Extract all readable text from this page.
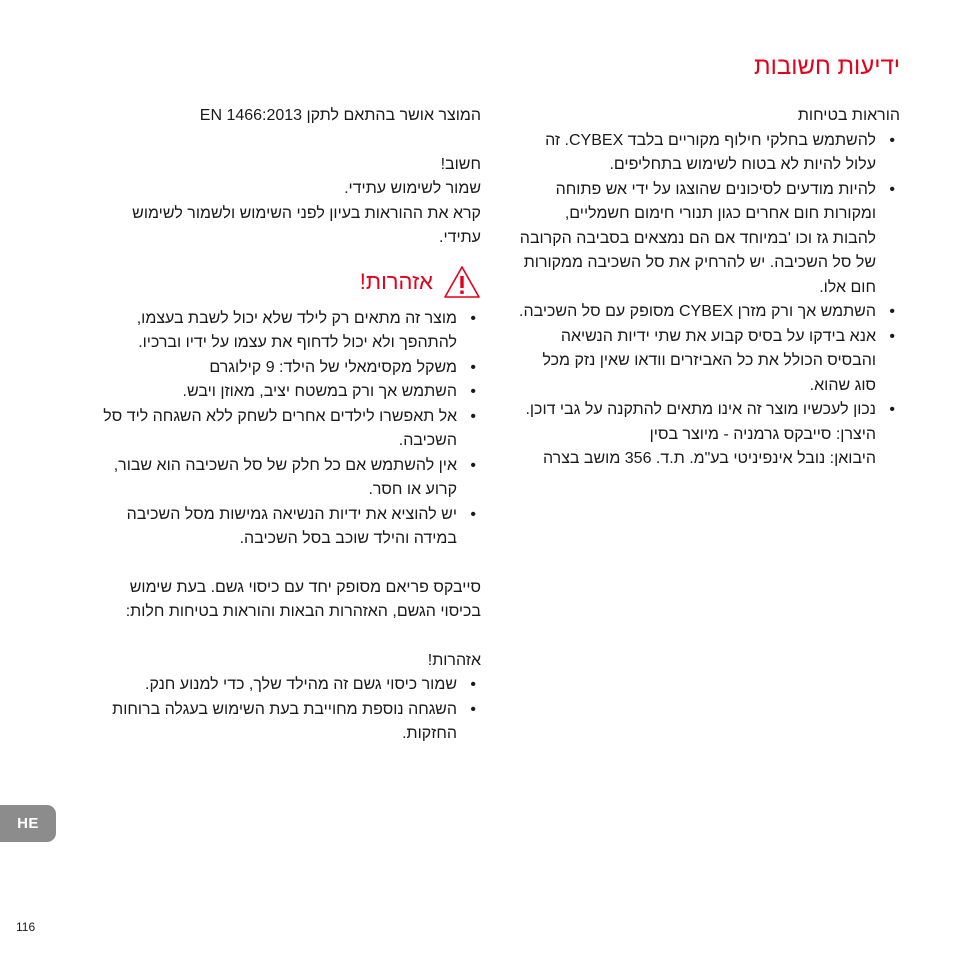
ידיעות חשובות

הוראות בטיחות

• להשתמש בחלקי חילוף מקוריים בלבד CYBEX. זה עלול להיות לא בטוח לשימוש בתחליפים.
• להיות מודעים לסיכונים שהוצגו על ידי אש פתוחה ומקורות חום אחרים כגון תנורי חימום חשמליים, להבות גז וכו 'במיוחד אם הם נמצאים בסביבה הקרובה של סל השכיבה. יש להרחיק את סל השכיבה ממקורות חום אלו.
• השתמש אך ורק מזרן CYBEX מסופק עם סל השכיבה.
• אנא בידקו על בסיס קבוע את שתי ידיות הנשיאה והבסיס הכולל את כל האביזרים וודאו שאין נזק מכל סוג שהוא.
• נכון לעכשיו מוצר זה אינו מתאים להתקנה על גבי דוכן.

היצרן: סייבקס גרמניה - מיוצר בסין

היבואן: נובל אינפיניטי בע"מ. ת.ד. 356 מושב בצרה

המוצר אושר בהתאם לתקן EN 1466:2013

חשוב!

שמור לשימוש עתידי.

קרא את ההוראות בעיון לפני השימוש ולשמור לשימוש עתידי.

אזהרות!
• מוצר זה מתאים רק לילד שלא יכול לשבת בעצמו, להתהפך ולא יכול לדחוף את עצמו על ידיו וברכיו.
• משקל מקסימאלי של הילד: 9 קילוגרם
• השתמש אך ורק במשטח יציב, מאוזן ויבש.
• אל תאפשרו לילדים אחרים לשחק ללא השגחה ליד סל השכיבה.
• אין להשתמש אם כל חלק של סל השכיבה הוא שבור, קרוע או חסר.
• יש להוציא את ידיות הנשיאה גמישות מסל השכיבה במידה והילד שוכב בסל השכיבה.

סייבקס פריאם מסופק יחד עם כיסוי גשם. בעת שימוש בכיסוי הגשם, האזהרות הבאות והוראות בטיחות חלות:

אזהרות!

• שמור כיסוי גשם זה מהילד שלך, כדי למנוע חנק.
• השגחה נוספת מחוייבת בעת השימוש בעגלה ברוחות החזקות.
HE
116
